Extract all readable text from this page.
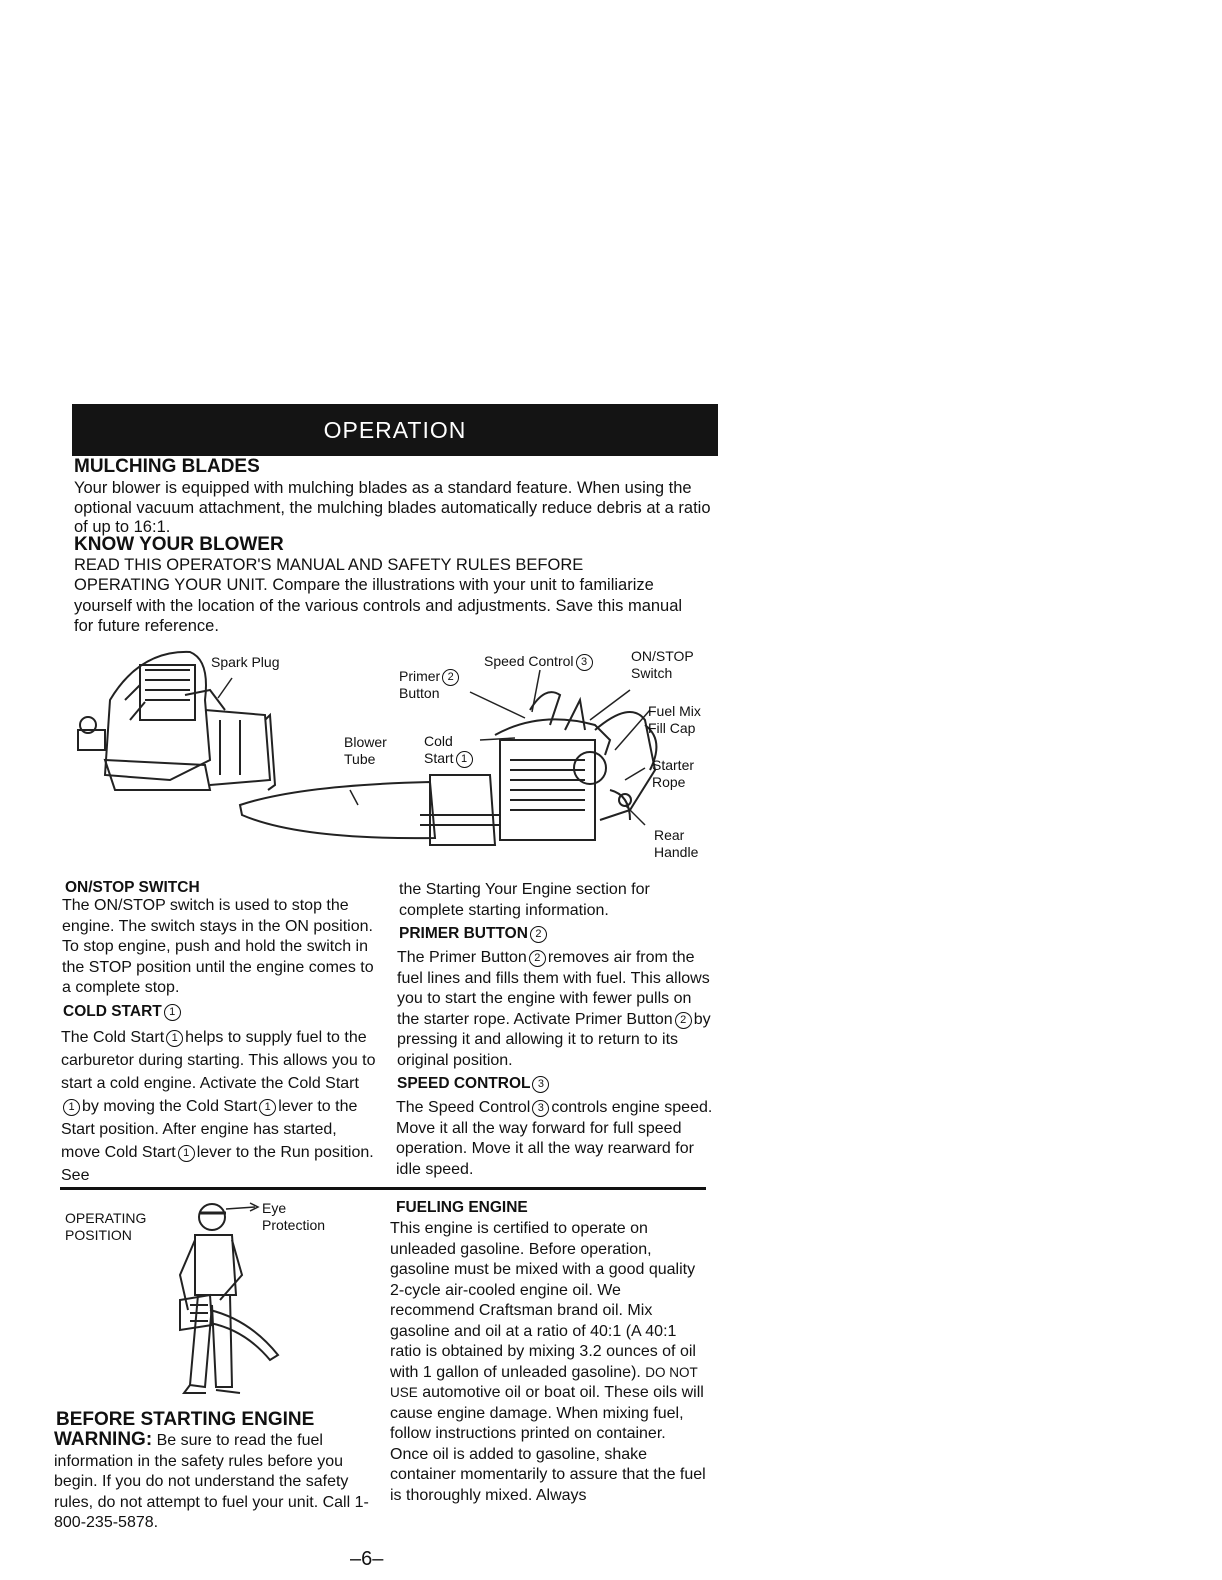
OPERATION
MULCHING BLADES
Your blower is equipped with mulching blades as a standard feature. When using the optional vacuum attachment, the mulching blades automatically reduce debris at a ratio of up to 16:1.
KNOW YOUR BLOWER
READ THIS OPERATOR'S MANUAL AND SAFETY RULES BEFORE
OPERATING YOUR UNIT. Compare the illustrations with your unit to familiarize
yourself with the location of the various controls and adjustments. Save this manual for future reference.
Spark Plug
Primer 2
Button
Speed Control 3	ON/STOP
Switch
Fuel Mix
Fill Cap
Blower
Tube
Cold
Start 1	Starter
Rope
Rear
Handle
ON/STOP SWITCH
The ON/STOP switch is used to stop the engine. The switch stays in the ON position. To stop engine, push and hold the switch in the STOP position until the engine comes to a complete stop.
COLD START 1
The Cold Start 1 helps to supply fuel to the carburetor during starting. This allows you to start a cold engine. Activate the Cold Start1 by moving the Cold Start 1 lever to the Start position. After engine has started, move Cold Start 1 lever to the Run position. See
the Starting Your Engine section for complete starting information.
PRIMER BUTTON 2
The Primer Button 2 removes air from the fuel lines and fills them with fuel. This allows you to start the engine with fewer pulls on the starter rope. Activate Primer Button 2 by pressing it and allowing it to return to its original position.
SPEED CONTROL 3
The Speed Control 3 controls engine speed. Move it all the way forward for full speed operation. Move it all the way rearward for idle speed.
OPERATING
POSITION
Eye
Protection
BEFORE STARTING ENGINE
WARNING: Be sure to read the fuel information in the safety rules before you begin. If you do not understand the safety rules, do not attempt to fuel your unit. Call 1-800-235-5878.
FUELING ENGINE
This engine is certified to operate on unleaded gasoline. Before operation, gasoline must be mixed with a good quality 2-cycle air-cooled engine oil. We recommend Craftsman brand oil. Mix gasoline and oil at a ratio of 40:1 (A 40:1 ratio is obtained by mixing 3.2 ounces of oil with 1 gallon of unleaded gasoline). DO NOT USE automotive oil or boat oil. These oils will cause engine damage. When mixing fuel, follow instructions printed on container. Once oil is added to gasoline, shake container momentarily to assure that the fuel is thoroughly mixed. Always
–6–
